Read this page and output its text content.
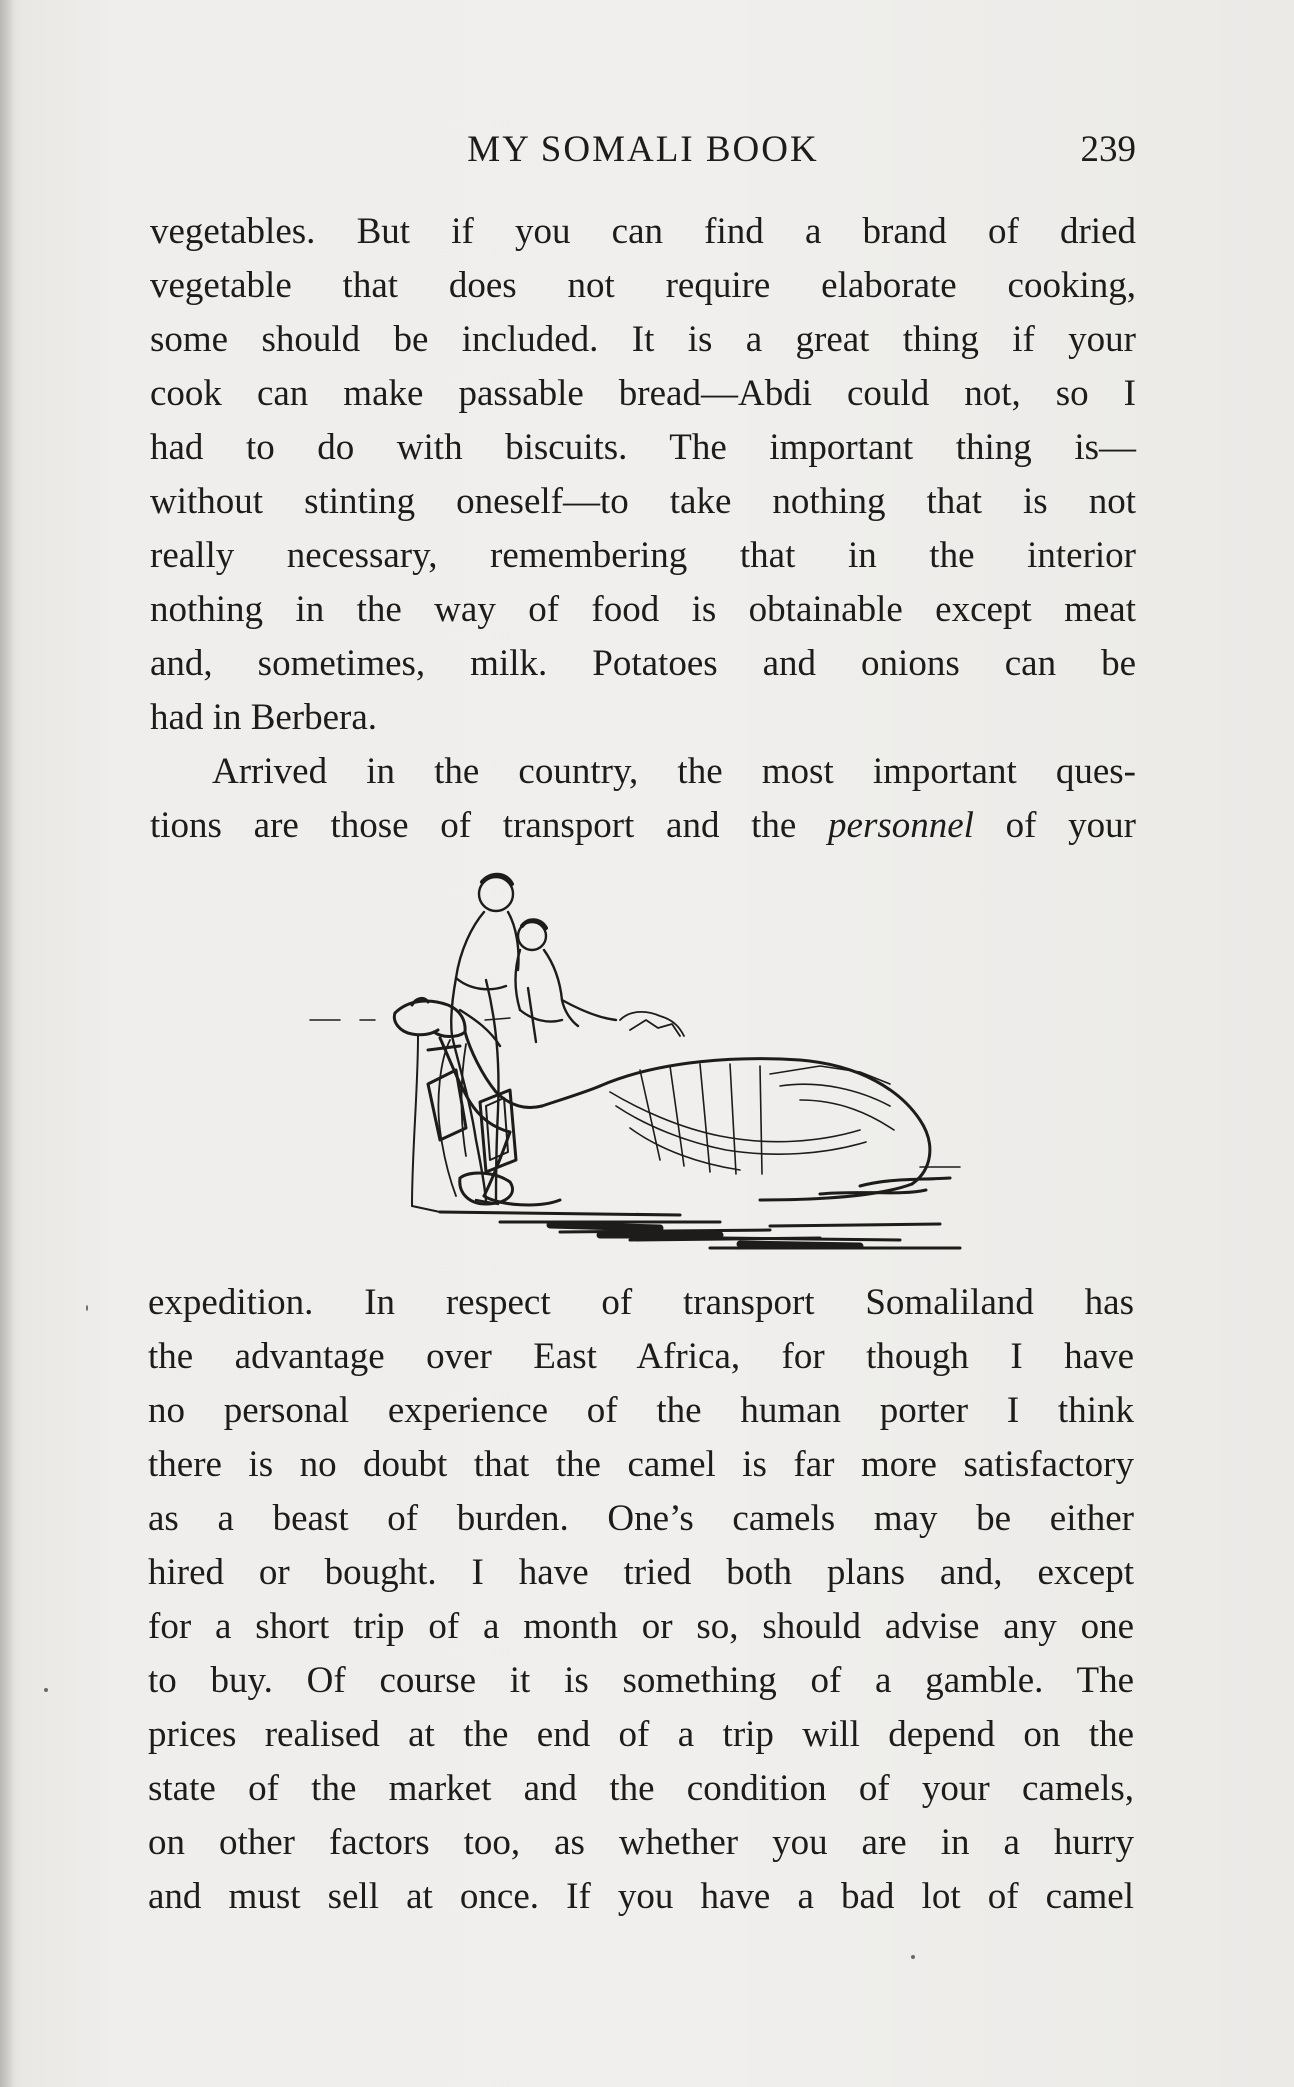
MY SOMALI BOOK	239
vegetables. But if you can find a brand of dried
vegetable that does not require elaborate cooking,
some should be included. It is a great thing if your
cook can make passable bread—Abdi could not, so I
had to do with biscuits. The important thing is—
without stinting oneself—to take nothing that is not
really necessary, remembering that in the interior
nothing in the way of food is obtainable except meat
and, sometimes, milk. Potatoes and onions can be
had in Berbera.
Arrived in the country, the most important ques-
tions are those of transport and the personnel of your
expedition. In respect of transport Somaliland has
the advantage over East Africa, for though I have
no personal experience of the human porter I think
there is no doubt that the camel is far more satisfactory
as a beast of burden. One’s camels may be either
hired or bought. I have tried both plans and, except
for a short trip of a month or so, should advise any one
to buy. Of course it is something of a gamble. The
prices realised at the end of a trip will depend on the
state of the market and the condition of your camels,
on other factors too, as whether you are in a hurry
and must sell at once. If you have a bad lot of camel
